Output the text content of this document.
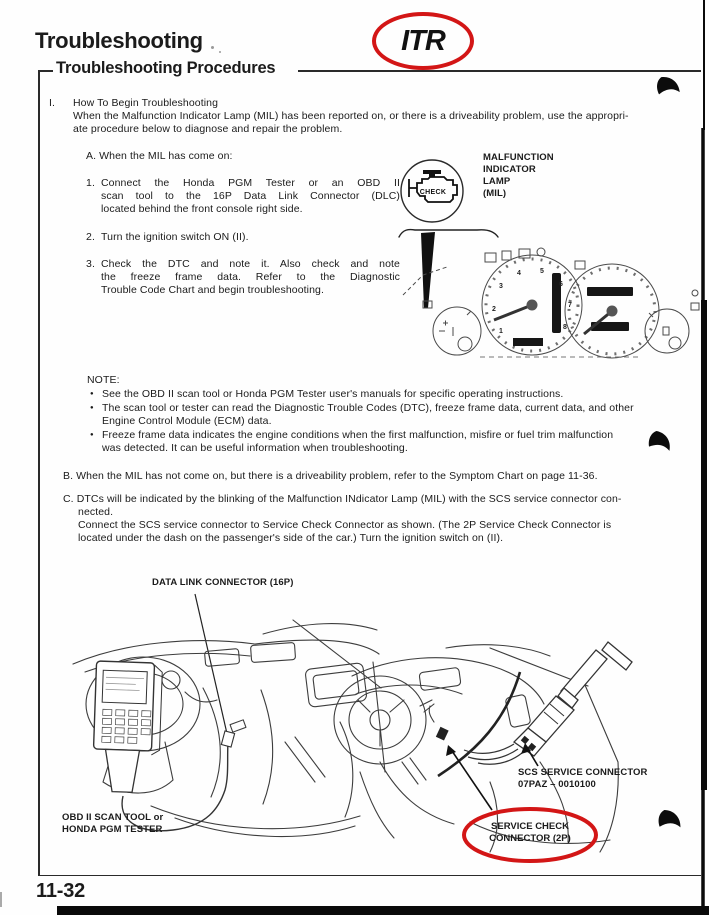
Troubleshooting	ITR
Troubleshooting Procedures
I. How To Begin Troubleshooting
When the Malfunction Indicator Lamp (MIL) has been reported on, or there is a driveability problem, use the appropri-
ate procedure below to diagnose and repair the problem.
A. When the MIL has come on:
1. Connect the Honda PGM Tester or an OBD II
scan tool to the 16P Data Link Connector (DLC)
located behind the front console right side.
2. Turn the ignition switch ON (II).
3. Check the DTC and note it. Also check and note
the freeze frame data. Refer to the Diagnostic
Trouble Code Chart and begin troubleshooting.
CHECK
1
2
3
4	5
6
7
8
MALFUNCTION
INDICATOR
LAMP
(MIL)
NOTE:
● See the OBD II scan tool or Honda PGM Tester user's manuals for specific operating instructions.
● The scan tool or tester can read the Diagnostic Trouble Codes (DTC), freeze frame data, current data, and other
Engine Control Module (ECM) data.
● Freeze frame data indicates the engine conditions when the first malfunction, misfire or fuel trim malfunction
was detected. It can be useful information when troubleshooting.
B. When the MIL has not come on, but there is a driveability problem, refer to the Symptom Chart on page 11-36.
C. DTCs will be indicated by the blinking of the Malfunction INdicator Lamp (MIL) with the SCS service connector con-
nected.
Connect the SCS service connector to Service Check Connector as shown. (The 2P Service Check Connector is
located under the dash on the passenger's side of the car.) Turn the ignition switch on (II).
DATA LINK CONNECTOR (16P)
OBD II SCAN TOOL or
HONDA PGM TESTER
SCS SERVICE CONNECTOR
07PAZ – 0010100
SERVICE CHECK
CONNECTOR (2P)
11-32
